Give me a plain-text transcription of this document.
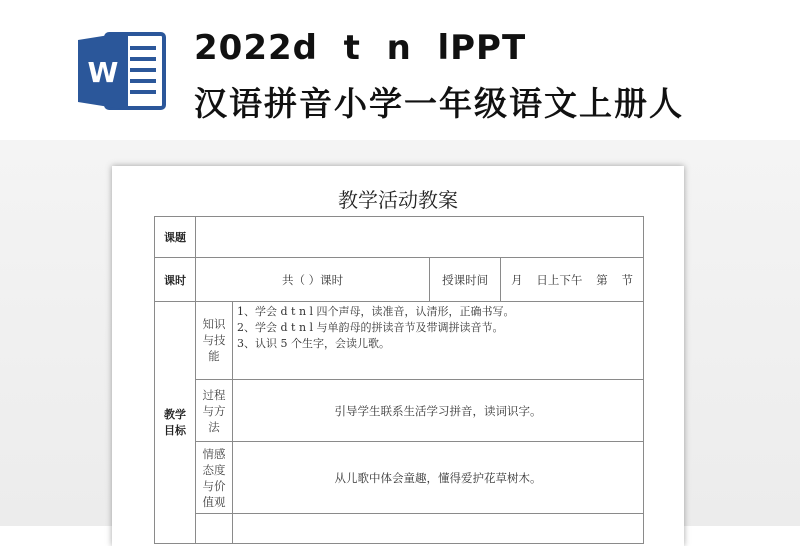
W
2022d  t  n  lPPT
汉语拼音小学一年级语文上册人
教学活动教案
课题				
课时	共（ ）课时		授课时间	月 日上下午 第 节

教学目标	知识与技能	1、学会 d t n l 四个声母，读准音，认清形，正确书写。
2、学会 d t n l 与单韵母的拼读音节及带调拼读音节。
3、认识 5 个生字，会读儿歌。		

	过程与方法	引导学生联系生活学习拼音，读词识字。		
	情感态度与价值观	从儿歌中体会童趣，懂得爱护花草树木。		
